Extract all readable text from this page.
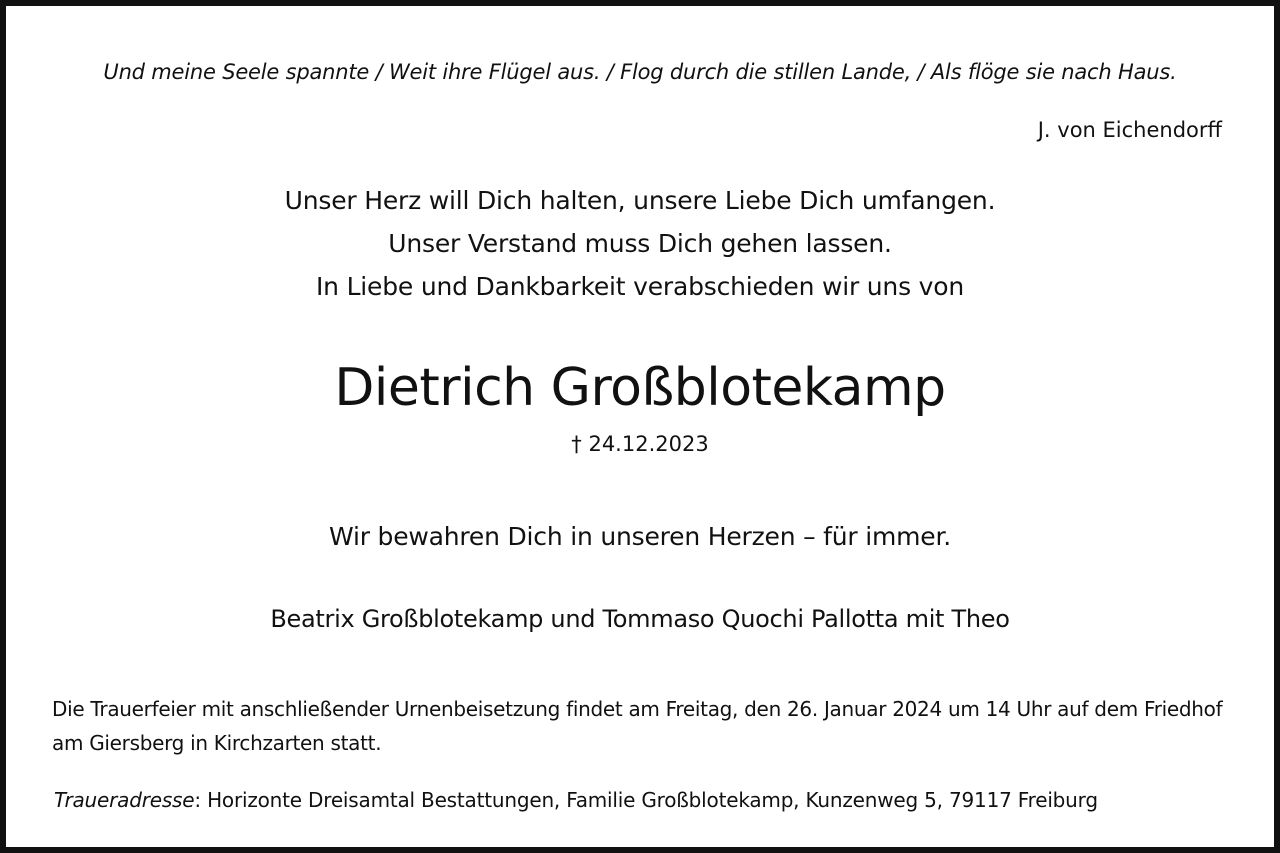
Und meine Seele spannte / Weit ihre Flügel aus. / Flog durch die stillen Lande, / Als flöge sie nach Haus.
J. von Eichendorff
Unser Herz will Dich halten, unsere Liebe Dich umfangen.
Unser Verstand muss Dich gehen lassen.
In Liebe und Dankbarkeit verabschieden wir uns von
Dietrich Großblotekamp
† 24.12.2023
Wir bewahren Dich in unseren Herzen – für immer.
Beatrix Großblotekamp und Tommaso Quochi Pallotta mit Theo
Die Trauerfeier mit anschließender Urnenbeisetzung findet am Freitag, den 26. Januar 2024 um 14 Uhr auf dem Friedhof am Giersberg in Kirchzarten statt.
Traueradresse: Horizonte Dreisamtal Bestattungen, Familie Großblotekamp, Kunzenweg 5, 79117 Freiburg
